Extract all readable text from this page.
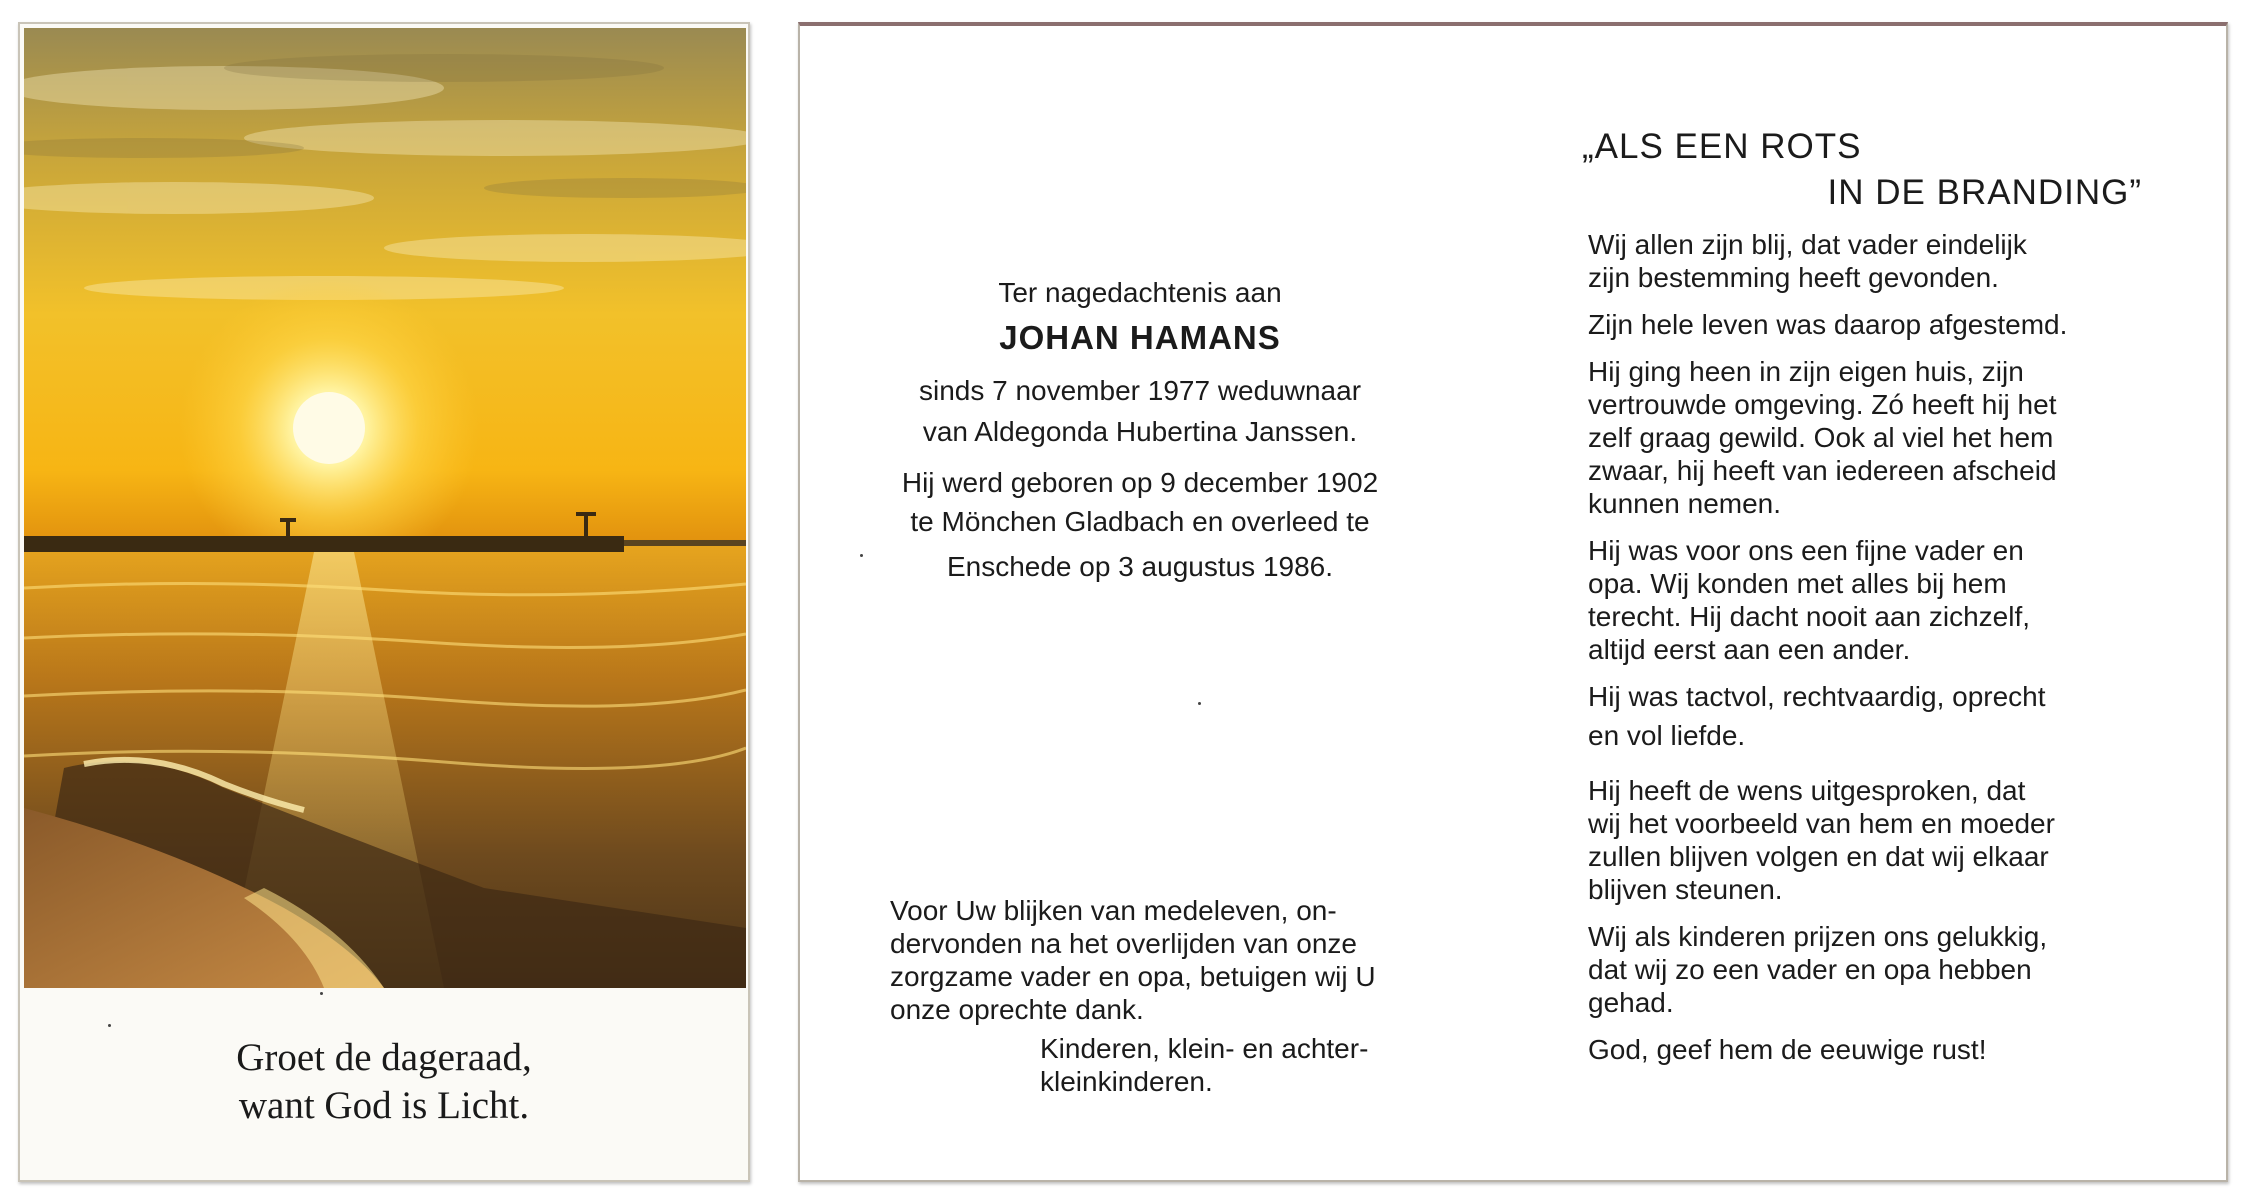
Groet de dageraad,
want God is Licht.
Ter nagedachtenis aan
JOHAN HAMANS
sinds 7 november 1977 weduwnaar
van Aldegonda Hubertina Janssen.
Hij werd geboren op 9 december 1902
te Mönchen Gladbach en overleed te
Enschede op 3 augustus 1986.
Voor Uw blijken van medeleven, on-
dervonden na het overlijden van onze
zorgzame vader en opa, betuigen wij U
onze oprechte dank.
Kinderen, klein- en achter-
kleinkinderen.
„ALS EEN ROTS
IN DE BRANDING”
Wij allen zijn blij, dat vader eindelijk
zijn bestemming heeft gevonden.
Zijn hele leven was daarop afgestemd.
Hij ging heen in zijn eigen huis, zijn
vertrouwde omgeving. Zó heeft hij het
zelf graag gewild. Ook al viel het hem
zwaar, hij heeft van iedereen afscheid
kunnen nemen.
Hij was voor ons een fijne vader en
opa. Wij konden met alles bij hem
terecht. Hij dacht nooit aan zichzelf,
altijd eerst aan een ander.
Hij was tactvol, rechtvaardig, oprecht
en vol liefde.
Hij heeft de wens uitgesproken, dat
wij het voorbeeld van hem en moeder
zullen blijven volgen en dat wij elkaar
blijven steunen.
Wij als kinderen prijzen ons gelukkig,
dat wij zo een vader en opa hebben
gehad.
God, geef hem de eeuwige rust!
